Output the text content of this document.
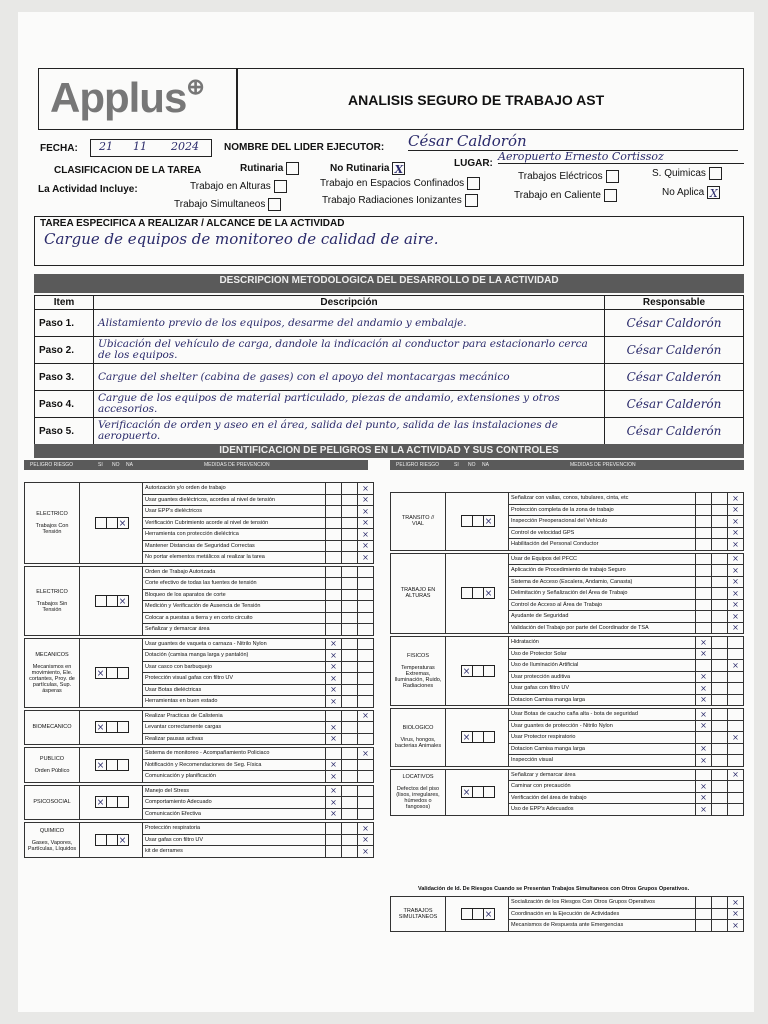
Applus⊕
ANALISIS SEGURO DE TRABAJO AST
FECHA: 21 11 2024	NOMBRE DEL LIDER EJECUTOR: César Caldorón
CLASIFICACION DE LA TAREA	Rutinaria	No Rutinaria X	LUGAR:
Aeropuerto Ernesto Cortissoz
La Actividad Incluye:	Trabajo en Alturas	Trabajo en Espacios Confinados
Trabajos Eléctricos	S. Quimicas
Trabajo Simultaneos	Trabajo Radiaciones Ionizantes	Trabajo en Caliente	No Aplica X
TAREA ESPECIFICA A REALIZAR / ALCANCE DE LA ACTIVIDAD
Cargue de equipos de monitoreo de calidad de aire.
DESCRIPCION METODOLOGICA DEL DESARROLLO DE LA ACTIVIDAD
Item	Descripción	Responsable
Paso 1.	Alistamiento previo de los equipos, desarme del andamio y embalaje.	César Caldorón
Paso 2.	Ubicación del vehículo de carga, dandole la indicación al conductor para estacionarlo cerca de los equipos.	César Calderón
Paso 3.	Cargue del shelter (cabina de gases) con el apoyo del montacargas mecánico	César Calderón
Paso 4.	Cargue de los equipos de material particulado, piezas de andamio, extensiones y otros accesorios.	César Calderón
Paso 5.	Verificación de orden y aseo en el área, salida del punto, salida de las instalaciones de aeropuerto.	César Calderón
IDENTIFICACION DE PELIGROS EN LA ACTIVIDAD Y SUS CONTROLES
PELIGRO RIESGO	SI NO NA	MEDIDAS DE PREVENCION	PELIGRO RIESGO	SI NO NA	MEDIDAS DE PREVENCION
ELECTRICO

Trabajos Con Tensión	×	Autorización y/o orden de trabajo			×
		Usar guantes dieléctricos, acordes al nivel de tensión			×
		Usar EPP's dieléctricos			×
		Verificación Cubrimiento acorde al nivel de tensión			×
		Herramienta con protección dieléctrica			×
		Mantener Distancias de Seguridad Correctas			×
		No portar elementos metálicos al realizar la tarea			×
ELECTRICO

Trabajos Sin Tensión	×	Orden de Trabajo Autorizada			
		Corte efectivo de todas las fuentes de tensión			
		Bloqueo de los aparatos de corte			
		Medición y Verificación de Ausencia de Tensión			
		Colocar a puestas a tierra y en corto circuito			
		Señalizar y demarcar área			
MECANICOS

Mecanismos en movimiento, Ele. cortantes, Proy. de partículas, Sup. ásperas	×	Usar guantes de vaqueta o carnaza - Nitrilo Nylon	×		
		Dotación (camisa manga larga y pantalón)	×		
		Usar casco con barbuquejo	×		
		Protección visual gafas con filtro UV	×		
		Usar Botas dieléctricas	×		
		Herramientas en buen estado	×		
BIOMECANICO	×	Realizar Practicas de Calistenia			×
		Levantar correctamente cargas	×		
		Realizar pausas activas	×		
PUBLICO

Orden Público	×	Sistema de monitoreo - Acompañamiento Policiaco			×
		Notificación y Recomendaciones de Seg. Física	×		
		Comunicación y planificación	×		
PSICOSOCIAL	×	Manejo del Stress	×		
		Comportamiento Adecuado	×		
		Comunicación Efectiva	×		
QUIMICO

Gases, Vapores, Partículas, Líquidos	×	Protección respiratoria			×
		Usar gafas con filtro UV			×
		kit de derrames			×
TRANSITO //
VIAL	×	Señalizar con vallas, conos, tubulares, cinta, etc			×
		Protección completa de la zona de trabajo			×
		Inspección Preoperacional del Vehículo			×
		Control de velocidad GPS			×
		Habilitación del Personal Conductor			×
TRABAJO EN
ALTURAS	×	Usar de Equipos del PFCC			×
		Aplicación de Procedimiento de trabajo Seguro			×
		Sistema de Acceso (Escalera, Andamio, Canasta)			×
		Delimitación y Señalización del Área de Trabajo			×
		Control de Acceso al Área de Trabajo			×
		Ayudante de Seguridad			×
		Validación del Trabajo por parte del Coordinador de TSA			×
FISICOS

Temperaturas Extremas, Iluminación, Ruido, Radiaciones	×	Hidratación	×		
		Uso de Protector Solar	×		
		Uso de Iluminación Artificial			×
		Usar protección auditiva	×		
		Usar gafas con filtro UV	×		
		Dotacion Camisa manga larga	×		
BIOLOGICO

Virus, hongos, bacterias Animales	×	Usar Botas de caucho caña alta - bota de seguridad	×		
		Usar guantes de protección - Nitrilo Nylon	×		
		Usar Protector respiratorio			×
		Dotacion Camisa manga larga	×		
		Inspección visual	×		
LOCATIVOS

Defectos del piso (lisos, irregulares, húmedos o fangosos)	×	Señalizar y demarcar área			×
		Caminar con precaución	×		
		Verificación del área de trabajo	×		
		Uso de EPP's Adecuados	×		
Validación de Id. De Riesgos Cuando se Presentan Trabajos Simultaneos con Otros Grupos Operativos.
TRABAJOS
SIMULTANEOS	×	Socialización de los Riesgos Con Otros Grupos Operativos			×
		Coordinación en la Ejecución de Actividades			×
		Mecanismos de Respuesta ante Emergencias			×
